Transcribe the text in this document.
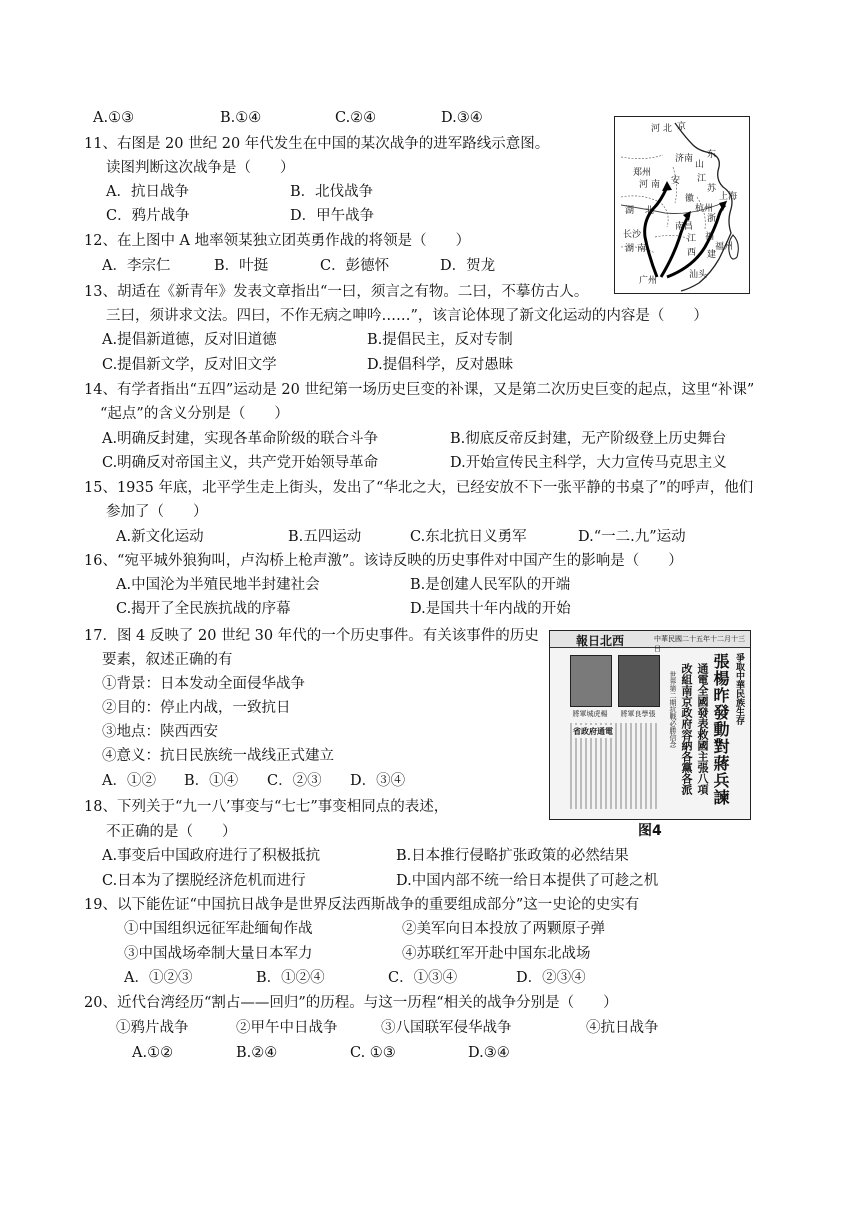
A.①③	B.①④	C.②④	D.③④
11、右图是 20 世纪 20 年代发生在中国的某次战争的进军路线示意图。
读图判断这次战争是（　　）
A．抗日战争	B．北伐战争
C．鸦片战争	D．甲午战争
12、在上图中 A 地率领某独立团英勇作战的将领是（　　）
A．李宗仁	B．叶挺	C．彭德怀	D．贺龙
13、胡适在《新青年》发表文章指出“一曰，须言之有物。二曰，不摹仿古人。
三曰，须讲求文法。四曰，不作无病之呻吟……”，该言论体现了新文化运动的内容是（　　）
A.提倡新道德，反对旧道德	B.提倡民主，反对专制
C.提倡新文学，反对旧文学	D.提倡科学，反对愚昧
14、有学者指出“五四”运动是 20 世纪第一场历史巨变的补课，又是第二次历史巨变的起点，这里“补课”
“起点”的含义分别是（　　）
A.明确反封建，实现各革命阶级的联合斗争	B.彻底反帝反封建，无产阶级登上历史舞台
C.明确反对帝国主义，共产党开始领导革命	D.开始宣传民主科学，大力宣传马克思主义
15、1935 年底，北平学生走上街头，发出了“华北之大，已经安放不下一张平静的书桌了”的呼声，他们
参加了（　　）
A.新文化运动	B.五四运动	C.东北抗日义勇军	D.“一二.九”运动
16、“宛平城外狼狗叫，卢沟桥上枪声激”。该诗反映的历史事件对中国产生的影响是（　　）
A.中国沦为半殖民地半封建社会	B.是创建人民军队的开端
C.揭开了全民族抗战的序幕	D.是国共十年内战的开始
17．图 4 反映了 20 世纪 30 年代的一个历史事件。有关该事件的历史
要素，叙述正确的有
①背景：日本发动全面侵华战争
②目的：停止内战，一致抗日
③地点：陕西西安
④意义：抗日民族统一战线正式建立
A．①② B．①④ C．②③ D．③④
18、下列关于“九一八’事变与“七七”事变相同点的表述，
不正确的是（　　）
A.事变后中国政府进行了积极抵抗	B.日本推行侵略扩张政策的必然结果
C.日本为了摆脱经济危机而进行	D.中国内部不统一给日本提供了可趁之机
19、以下能佐证“中国抗日战争是世界反法西斯战争的重要组成部分”这一史论的史实有
①中国组织远征军赴缅甸作战	②美军向日本投放了两颗原子弹
③中国战场牵制大量日本军力	④苏联红军开赴中国东北战场
A．①②③	B．①②④	C．①③④	D．②③④
20、近代台湾经历“割占——回归”的历程。与这一历程“相关的战争分别是（　　）
①鸦片战争	②甲午中日战争	③八国联军侵华战争	④抗日战争
A.①②	B.②④	C. ①③	D.③④
河 北 京
东
济南
山
郑州
河 南 安 江
苏
上海
徽
杭州
湖 北
浙
南昌
江
长沙	福
湖 南	西 建
福州
广州
汕头
報日北西	中華民國二十五年十二月十三日
將軍城虎楊	將軍良學張
省政府通電
爭取中華民族生存
張楊昨發動對蔣兵諫
通電全國發表救國主張八項
改組南京政府容納各黨各派
世界第二期抗戰必勝信念
图4
